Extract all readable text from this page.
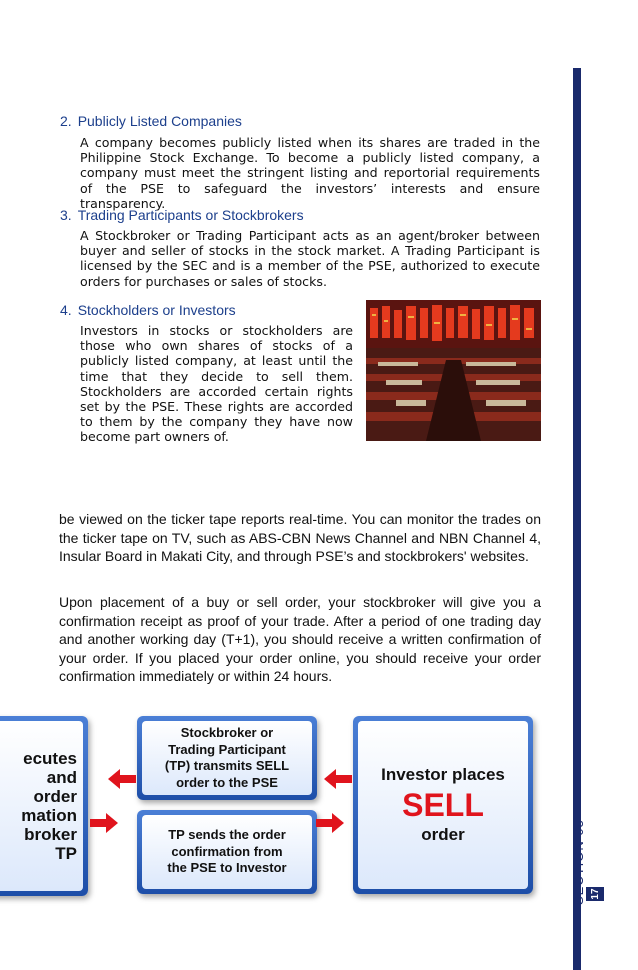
2. Publicly Listed Companies
A company becomes publicly listed when its shares are traded in the Philippine Stock Exchange. To become a publicly listed company, a company must meet the stringent listing and reportorial requirements of the PSE to safeguard the investors’ interests and ensure transparency.
3. Trading Participants or Stockbrokers
A Stockbroker or Trading Participant acts as an agent/broker between buyer and seller of stocks in the stock market. A Trading Participant is licensed by the SEC and is a member of the PSE, authorized to execute orders for purchases or sales of stocks.
4. Stockholders or Investors
Investors in stocks or stockholders are those who own shares of stocks of a publicly listed company, at least until the time that they decide to sell them. Stockholders are accorded certain rights set by the PSE. These rights are accorded to them by the company they have now become part owners of.
be viewed on the ticker tape reports real-time. You can monitor the trades on the ticker tape on TV, such as ABS-CBN News Channel and NBN Channel 4, Insular Board in Makati City, and through PSE’s and stockbrokers' websites.
Upon placement of a buy or sell order, your stockbroker will give you a confirmation receipt as proof of your trade. After a period of one trading day and another working day (T+1), you should receive a written confirmation of your order. If you placed your order online, you should receive your order confirmation immediately or within 24 hours.
ecutes
and
order
mation
broker
TP
Stockbroker or
Trading Participant
(TP) transmits SELL
order to the PSE
TP sends the order
confirmation from
the PSE to Investor
Investor places
SELL
order	SECTION 05 17
